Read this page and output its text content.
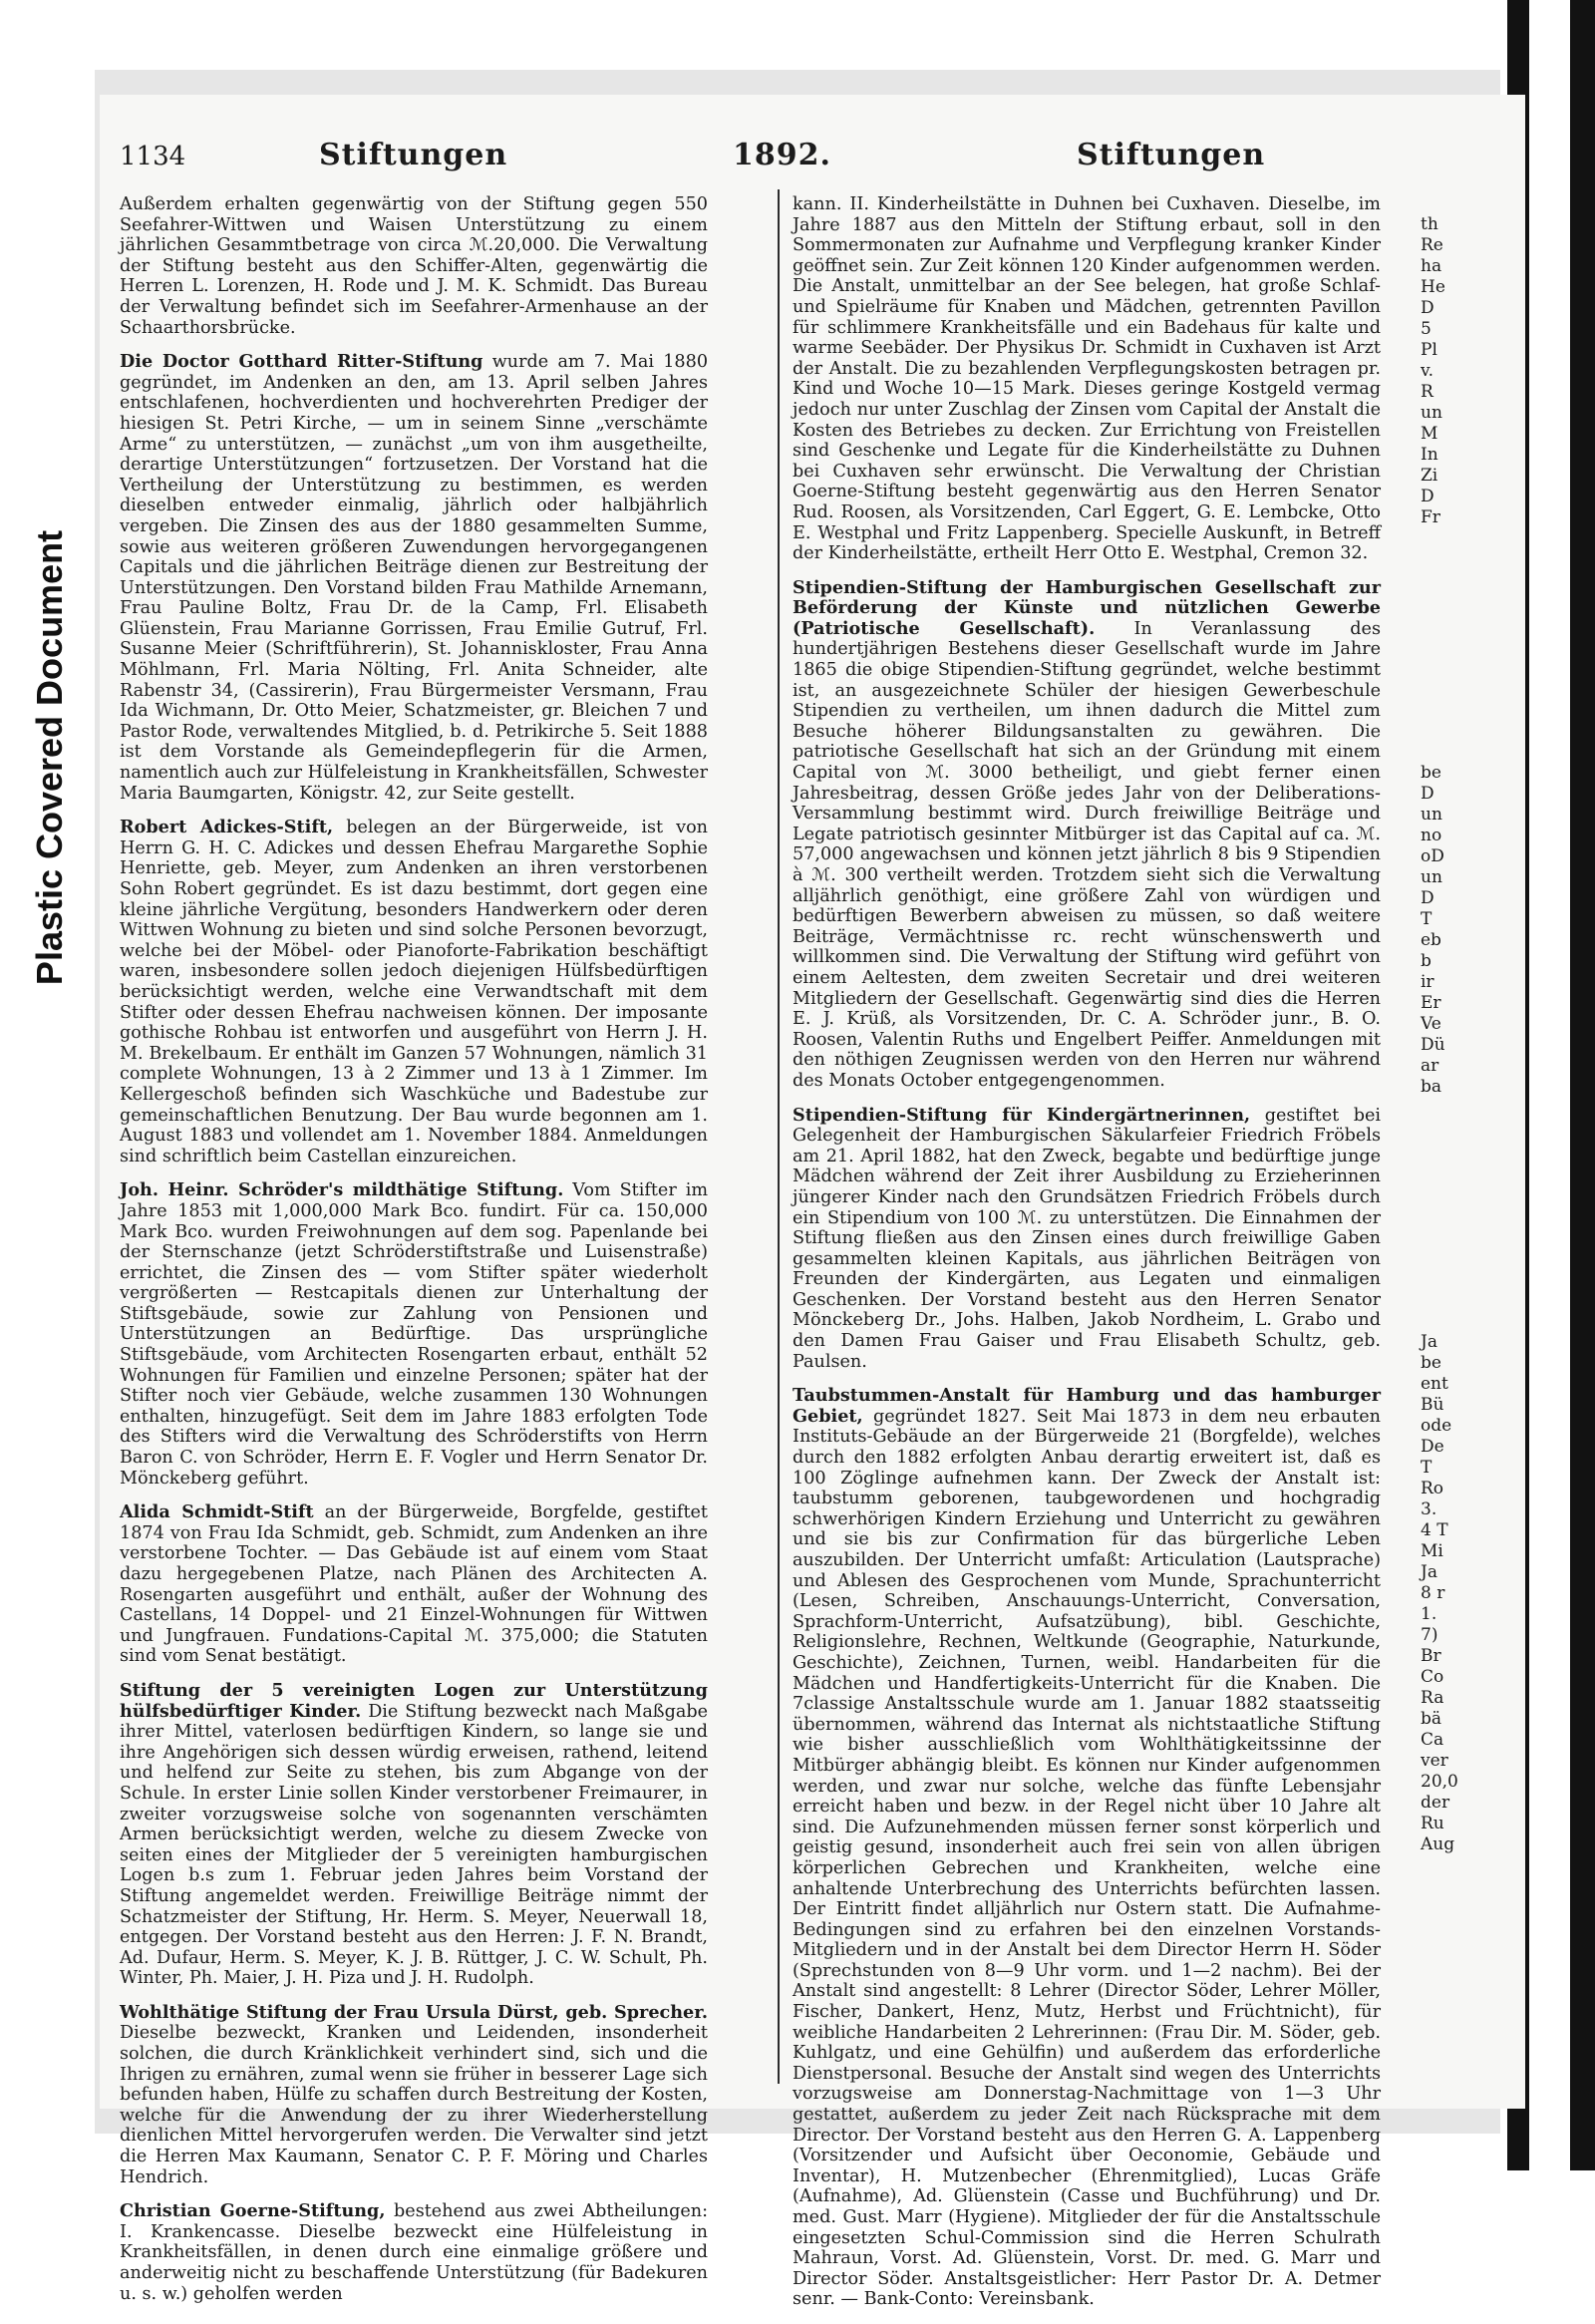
Plastic Covered Document
1134	Stiftungen	1892.	Stiftungen

Außerdem erhalten gegenwärtig von der Stiftung gegen 550 Seefahrer-Wittwen und Waisen Unterstützung zu einem jährlichen Gesammtbetrage von circa ℳ.20,000. Die Verwaltung der Stiftung besteht aus den Schiffer-Alten, gegenwärtig die Herren L. Lorenzen, H. Rode und J. M. K. Schmidt. Das Bureau der Verwaltung befindet sich im Seefahrer-Armenhause an der Schaarthorsbrücke.

Die Doctor Gotthard Ritter-Stiftung wurde am 7. Mai 1880 gegründet, im Andenken an den, am 13. April selben Jahres entschlafenen, hochverdienten und hochverehrten Prediger der hiesigen St. Petri Kirche, — um in seinem Sinne „verschämte Arme“ zu unterstützen, — zunächst „um von ihm ausgetheilte, derartige Unterstützungen“ fortzusetzen. Der Vorstand hat die Vertheilung der Unterstützung zu bestimmen, es werden dieselben entweder einmalig, jährlich oder halbjährlich vergeben. Die Zinsen des aus der 1880 gesammelten Summe, sowie aus weiteren größeren Zuwendungen hervorgegangenen Capitals und die jährlichen Beiträge dienen zur Bestreitung der Unterstützungen. Den Vorstand bilden Frau Mathilde Arnemann, Frau Pauline Boltz, Frau Dr. de la Camp, Frl. Elisabeth Glüenstein, Frau Marianne Gorrissen, Frau Emilie Gutruf, Frl. Susanne Meier (Schriftführerin), St. Johanniskloster, Frau Anna Möhlmann, Frl. Maria Nölting, Frl. Anita Schneider, alte Rabenstr 34, (Cassirerin), Frau Bürgermeister Versmann, Frau Ida Wichmann, Dr. Otto Meier, Schatzmeister, gr. Bleichen 7 und Pastor Rode, verwaltendes Mitglied, b. d. Petrikirche 5. Seit 1888 ist dem Vorstande als Gemeindepflegerin für die Armen, namentlich auch zur Hülfeleistung in Krankheitsfällen, Schwester Maria Baumgarten, Königstr. 42, zur Seite gestellt.

Robert Adickes-Stift, belegen an der Bürgerweide, ist von Herrn G. H. C. Adickes und dessen Ehefrau Margarethe Sophie Henriette, geb. Meyer, zum Andenken an ihren verstorbenen Sohn Robert gegründet. Es ist dazu bestimmt, dort gegen eine kleine jährliche Vergütung, besonders Handwerkern oder deren Wittwen Wohnung zu bieten und sind solche Personen bevorzugt, welche bei der Möbel- oder Pianoforte-Fabrikation beschäftigt waren, insbesondere sollen jedoch diejenigen Hülfsbedürftigen berücksichtigt werden, welche eine Verwandtschaft mit dem Stifter oder dessen Ehefrau nachweisen können. Der imposante gothische Rohbau ist entworfen und ausgeführt von Herrn J. H. M. Brekelbaum. Er enthält im Ganzen 57 Wohnungen, nämlich 31 complete Wohnungen, 13 à 2 Zimmer und 13 à 1 Zimmer. Im Kellergeschoß befinden sich Waschküche und Badestube zur gemeinschaftlichen Benutzung. Der Bau wurde begonnen am 1. August 1883 und vollendet am 1. November 1884. Anmeldungen sind schriftlich beim Castellan einzureichen.

Joh. Heinr. Schröder's mildthätige Stiftung. Vom Stifter im Jahre 1853 mit 1,000,000 Mark Bco. fundirt. Für ca. 150,000 Mark Bco. wurden Freiwohnungen auf dem sog. Papenlande bei der Sternschanze (jetzt Schröderstiftstraße und Luisenstraße) errichtet, die Zinsen des — vom Stifter später wiederholt vergrößerten — Restcapitals dienen zur Unterhaltung der Stiftsgebäude, sowie zur Zahlung von Pensionen und Unterstützungen an Bedürftige. Das ursprüngliche Stiftsgebäude, vom Architecten Rosengarten erbaut, enthält 52 Wohnungen für Familien und einzelne Personen; später hat der Stifter noch vier Gebäude, welche zusammen 130 Wohnungen enthalten, hinzugefügt. Seit dem im Jahre 1883 erfolgten Tode des Stifters wird die Verwaltung des Schröderstifts von Herrn Baron C. von Schröder, Herrn E. F. Vogler und Herrn Senator Dr. Mönckeberg geführt.

Alida Schmidt-Stift an der Bürgerweide, Borgfelde, gestiftet 1874 von Frau Ida Schmidt, geb. Schmidt, zum Andenken an ihre verstorbene Tochter. — Das Gebäude ist auf einem vom Staat dazu hergegebenen Platze, nach Plänen des Architecten A. Rosengarten ausgeführt und enthält, außer der Wohnung des Castellans, 14 Doppel- und 21 Einzel-Wohnungen für Wittwen und Jungfrauen. Fundations-Capital ℳ. 375,000; die Statuten sind vom Senat bestätigt.

Stiftung der 5 vereinigten Logen zur Unterstützung hülfsbedürftiger Kinder. Die Stiftung bezweckt nach Maßgabe ihrer Mittel, vaterlosen bedürftigen Kindern, so lange sie und ihre Angehörigen sich dessen würdig erweisen, rathend, leitend und helfend zur Seite zu stehen, bis zum Abgange von der Schule. In erster Linie sollen Kinder verstorbener Freimaurer, in zweiter vorzugsweise solche von sogenannten verschämten Armen berücksichtigt werden, welche zu diesem Zwecke von seiten eines der Mitglieder der 5 vereinigten hamburgischen Logen b.s zum 1. Februar jeden Jahres beim Vorstand der Stiftung angemeldet werden. Freiwillige Beiträge nimmt der Schatzmeister der Stiftung, Hr. Herm. S. Meyer, Neuerwall 18, entgegen. Der Vorstand besteht aus den Herren: J. F. N. Brandt, Ad. Dufaur, Herm. S. Meyer, K. J. B. Rüttger, J. C. W. Schult, Ph. Winter, Ph. Maier, J. H. Piza und J. H. Rudolph.

Wohlthätige Stiftung der Frau Ursula Dürst, geb. Sprecher. Dieselbe bezweckt, Kranken und Leidenden, insonderheit solchen, die durch Kränklichkeit verhindert sind, sich und die Ihrigen zu ernähren, zumal wenn sie früher in besserer Lage sich befunden haben, Hülfe zu schaffen durch Bestreitung der Kosten, welche für die Anwendung der zu ihrer Wiederherstellung dienlichen Mittel hervorgerufen werden. Die Verwalter sind jetzt die Herren Max Kaumann, Senator C. P. F. Möring und Charles Hendrich.

Christian Goerne-Stiftung, bestehend aus zwei Abtheilungen: I. Krankencasse. Dieselbe bezweckt eine Hülfeleistung in Krankheitsfällen, in denen durch eine einmalige größere und anderweitig nicht zu beschaffende Unterstützung (für Badekuren u. s. w.) geholfen werden

kann. II. Kinderheilstätte in Duhnen bei Cuxhaven. Dieselbe, im Jahre 1887 aus den Mitteln der Stiftung erbaut, soll in den Sommermonaten zur Aufnahme und Verpflegung kranker Kinder geöffnet sein. Zur Zeit können 120 Kinder aufgenommen werden. Die Anstalt, unmittelbar an der See belegen, hat große Schlaf- und Spielräume für Knaben und Mädchen, getrennten Pavillon für schlimmere Krankheitsfälle und ein Badehaus für kalte und warme Seebäder. Der Physikus Dr. Schmidt in Cuxhaven ist Arzt der Anstalt. Die zu bezahlenden Verpflegungskosten betragen pr. Kind und Woche 10—15 Mark. Dieses geringe Kostgeld vermag jedoch nur unter Zuschlag der Zinsen vom Capital der Anstalt die Kosten des Betriebes zu decken. Zur Errichtung von Freistellen sind Geschenke und Legate für die Kinderheilstätte zu Duhnen bei Cuxhaven sehr erwünscht. Die Verwaltung der Christian Goerne-Stiftung besteht gegenwärtig aus den Herren Senator Rud. Roosen, als Vorsitzenden, Carl Eggert, G. E. Lembcke, Otto E. Westphal und Fritz Lappenberg. Specielle Auskunft, in Betreff der Kinderheilstätte, ertheilt Herr Otto E. Westphal, Cremon 32.

Stipendien-Stiftung der Hamburgischen Gesellschaft zur Beförderung der Künste und nützlichen Gewerbe (Patriotische Gesellschaft). In Veranlassung des hundertjährigen Bestehens dieser Gesellschaft wurde im Jahre 1865 die obige Stipendien-Stiftung gegründet, welche bestimmt ist, an ausgezeichnete Schüler der hiesigen Gewerbeschule Stipendien zu vertheilen, um ihnen dadurch die Mittel zum Besuche höherer Bildungsanstalten zu gewähren. Die patriotische Gesellschaft hat sich an der Gründung mit einem Capital von ℳ. 3000 betheiligt, und giebt ferner einen Jahresbeitrag, dessen Größe jedes Jahr von der Deliberations-Versammlung bestimmt wird. Durch freiwillige Beiträge und Legate patriotisch gesinnter Mitbürger ist das Capital auf ca. ℳ. 57,000 angewachsen und können jetzt jährlich 8 bis 9 Stipendien à ℳ. 300 vertheilt werden. Trotzdem sieht sich die Verwaltung alljährlich genöthigt, eine größere Zahl von würdigen und bedürftigen Bewerbern abweisen zu müssen, so daß weitere Beiträge, Vermächtnisse rc. recht wünschenswerth und willkommen sind. Die Verwaltung der Stiftung wird geführt von einem Aeltesten, dem zweiten Secretair und drei weiteren Mitgliedern der Gesellschaft. Gegenwärtig sind dies die Herren E. J. Krüß, als Vorsitzenden, Dr. C. A. Schröder junr., B. O. Roosen, Valentin Ruths und Engelbert Peiffer. Anmeldungen mit den nöthigen Zeugnissen werden von den Herren nur während des Monats October entgegengenommen.

Stipendien-Stiftung für Kindergärtnerinnen, gestiftet bei Gelegenheit der Hamburgischen Säkularfeier Friedrich Fröbels am 21. April 1882, hat den Zweck, begabte und bedürftige junge Mädchen während der Zeit ihrer Ausbildung zu Erzieherinnen jüngerer Kinder nach den Grundsätzen Friedrich Fröbels durch ein Stipendium von 100 ℳ. zu unterstützen. Die Einnahmen der Stiftung fließen aus den Zinsen eines durch freiwillige Gaben gesammelten kleinen Kapitals, aus jährlichen Beiträgen von Freunden der Kindergärten, aus Legaten und einmaligen Geschenken. Der Vorstand besteht aus den Herren Senator Mönckeberg Dr., Johs. Halben, Jakob Nordheim, L. Grabo und den Damen Frau Gaiser und Frau Elisabeth Schultz, geb. Paulsen.

Taubstummen-Anstalt für Hamburg und das hamburger Gebiet, gegründet 1827. Seit Mai 1873 in dem neu erbauten Instituts-Gebäude an der Bürgerweide 21 (Borgfelde), welches durch den 1882 erfolgten Anbau derartig erweitert ist, daß es 100 Zöglinge aufnehmen kann. Der Zweck der Anstalt ist: taubstumm geborenen, taubgewordenen und hochgradig schwerhörigen Kindern Erziehung und Unterricht zu gewähren und sie bis zur Confirmation für das bürgerliche Leben auszubilden. Der Unterricht umfaßt: Articulation (Lautsprache) und Ablesen des Gesprochenen vom Munde, Sprachunterricht (Lesen, Schreiben, Anschauungs-Unterricht, Conversation, Sprachform-Unterricht, Aufsatzübung), bibl. Geschichte, Religionslehre, Rechnen, Weltkunde (Geographie, Naturkunde, Geschichte), Zeichnen, Turnen, weibl. Handarbeiten für die Mädchen und Handfertigkeits-Unterricht für die Knaben. Die 7classige Anstaltsschule wurde am 1. Januar 1882 staatsseitig übernommen, während das Internat als nichtstaatliche Stiftung wie bisher ausschließlich vom Wohlthätigkeitssinne der Mitbürger abhängig bleibt. Es können nur Kinder aufgenommen werden, und zwar nur solche, welche das fünfte Lebensjahr erreicht haben und bezw. in der Regel nicht über 10 Jahre alt sind. Die Aufzunehmenden müssen ferner sonst körperlich und geistig gesund, insonderheit auch frei sein von allen übrigen körperlichen Gebrechen und Krankheiten, welche eine anhaltende Unterbrechung des Unterrichts befürchten lassen. Der Eintritt findet alljährlich nur Ostern statt. Die Aufnahme-Bedingungen sind zu erfahren bei den einzelnen Vorstands-Mitgliedern und in der Anstalt bei dem Director Herrn H. Söder (Sprechstunden von 8—9 Uhr vorm. und 1—2 nachm). Bei der Anstalt sind angestellt: 8 Lehrer (Director Söder, Lehrer Möller, Fischer, Dankert, Henz, Mutz, Herbst und Früchtnicht), für weibliche Handarbeiten 2 Lehrerinnen: (Frau Dir. M. Söder, geb. Kuhlgatz, und eine Gehülfin) und außerdem das erforderliche Dienstpersonal. Besuche der Anstalt sind wegen des Unterrichts vorzugsweise am Donnerstag-Nachmittage von 1—3 Uhr gestattet, außerdem zu jeder Zeit nach Rücksprache mit dem Director. Der Vorstand besteht aus den Herren G. A. Lappenberg (Vorsitzender und Aufsicht über Oeconomie, Gebäude und Inventar), H. Mutzenbecher (Ehrenmitglied), Lucas Gräfe (Aufnahme), Ad. Glüenstein (Casse und Buchführung) und Dr. med. Gust. Marr (Hygiene). Mitglieder der für die Anstaltsschule eingesetzten Schul-Commission sind die Herren Schulrath Mahraun, Vorst. Ad. Glüenstein, Vorst. Dr. med. G. Marr und Director Söder. Anstaltsgeistlicher: Herr Pastor Dr. A. Detmer senr. — Bank-Conto: Vereinsbank.

th
Re
ha
He
D
5
Pl
v.
R
un
M
In
Zi
D
Fr
be
D
un
no
oD
un
D
T
eb
b
ir
Er
Ve
Dü
ar
ba
Ja
be
ent
Bü
ode
De
T
Ro
3.
4 T
Mi
Ja
8 r
1.
7)
Br
Co
Ra
bä
Ca
ver
20,0
der
Ru
Aug
